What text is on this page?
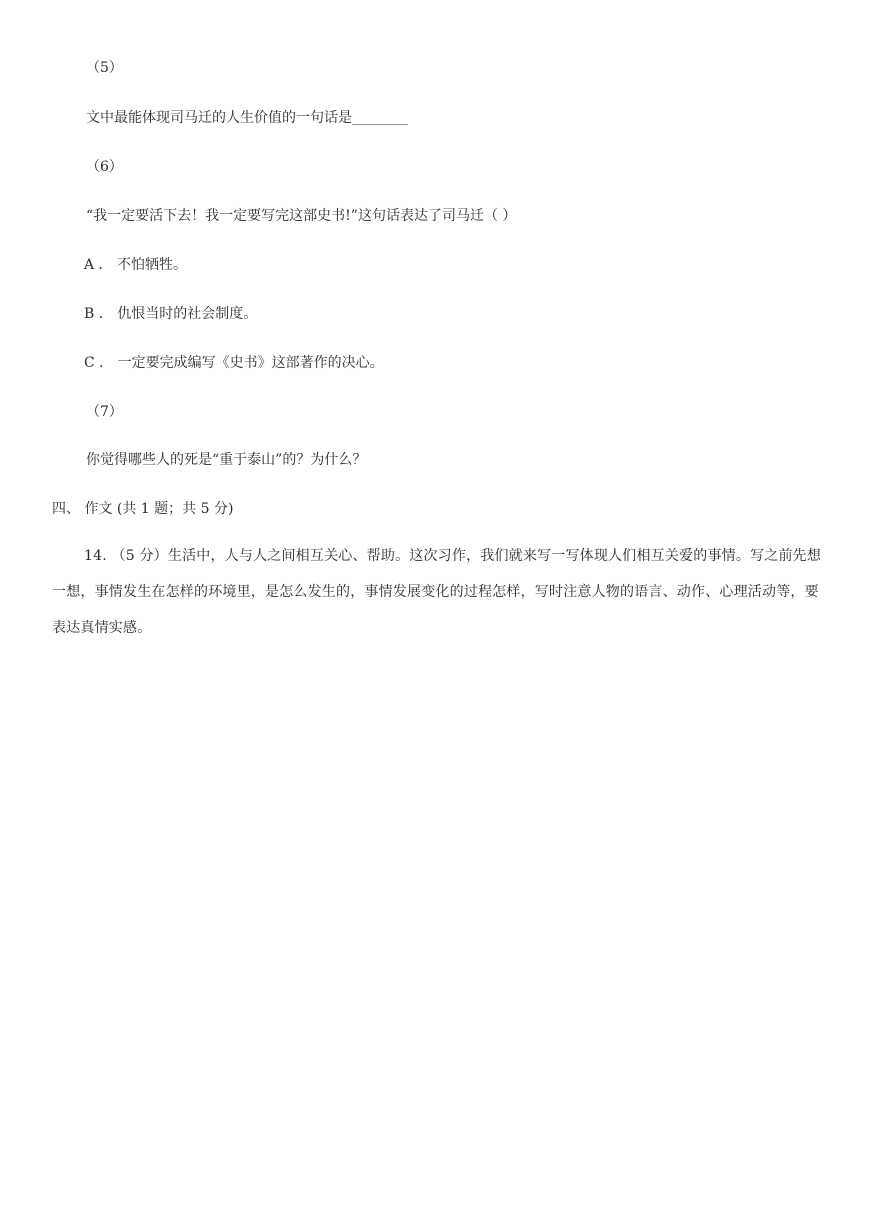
（5）
文中最能体现司马迁的人生价值的一句话是________
（6）
“我一定要活下去！我一定要写完这部史书!”这句话表达了司马迁（ ）
A ． 不怕牺牲。
B ． 仇恨当时的社会制度。
C ． 一定要完成编写《史书》这部著作的决心。
（7）
你觉得哪些人的死是“重于泰山”的？为什么？
四、 作文 (共 1 题；共 5 分)
14. （5 分）生活中，人与人之间相互关心、帮助。这次习作，我们就来写一写体现人们相互关爱的事情。写之前先想一想，事情发生在怎样的环境里，是怎么发生的，事情发展变化的过程怎样，写时注意人物的语言、动作、心理活动等，要表达真情实感。
